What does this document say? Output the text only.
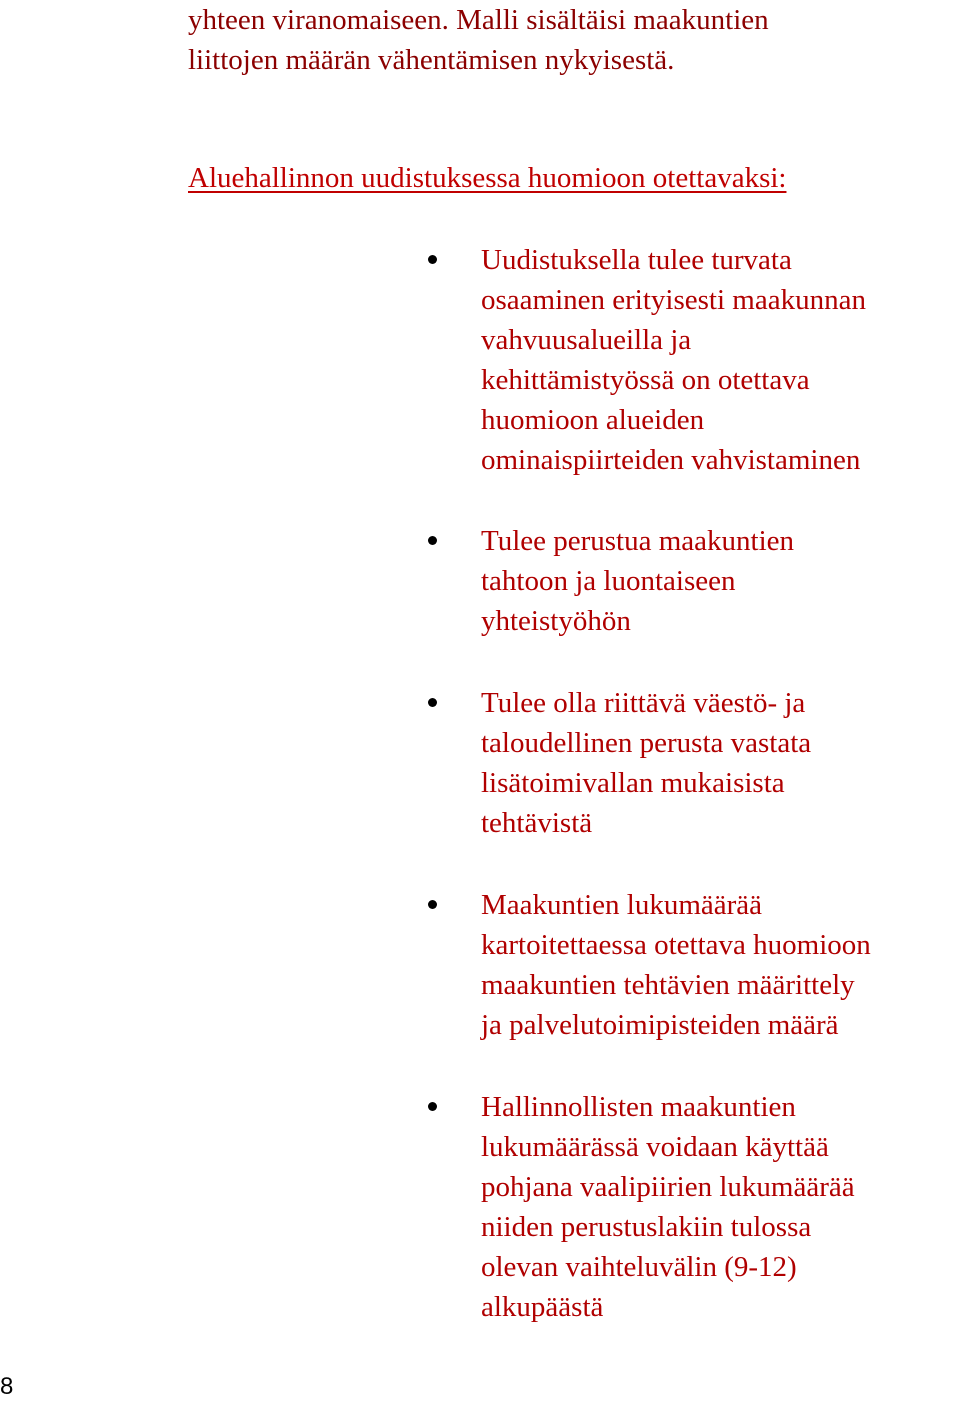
yhteen viranomaiseen. Malli sisältäisi maakuntien

liittojen määrän vähentämisen nykyisestä.

Aluehallinnon uudistuksessa huomioon otettavaksi:
Uudistuksella tulee turvata
osaaminen erityisesti maakunnan
vahvuusalueilla ja
kehittämistyössä on otettava
huomioon alueiden
ominaispiirteiden vahvistaminen
Tulee perustua maakuntien
tahtoon ja luontaiseen
yhteistyöhön
Tulee olla riittävä väestö- ja
taloudellinen perusta vastata
lisätoimivallan mukaisista
tehtävistä
Maakuntien lukumäärää
kartoitettaessa otettava huomioon
maakuntien tehtävien määrittely
ja palvelutoimipisteiden määrä
Hallinnollisten maakuntien
lukumäärässä voidaan käyttää
pohjana vaalipiirien lukumäärää
niiden perustuslakiin tulossa
olevan vaihteluvälin (9-12)
alkupäästä

8
